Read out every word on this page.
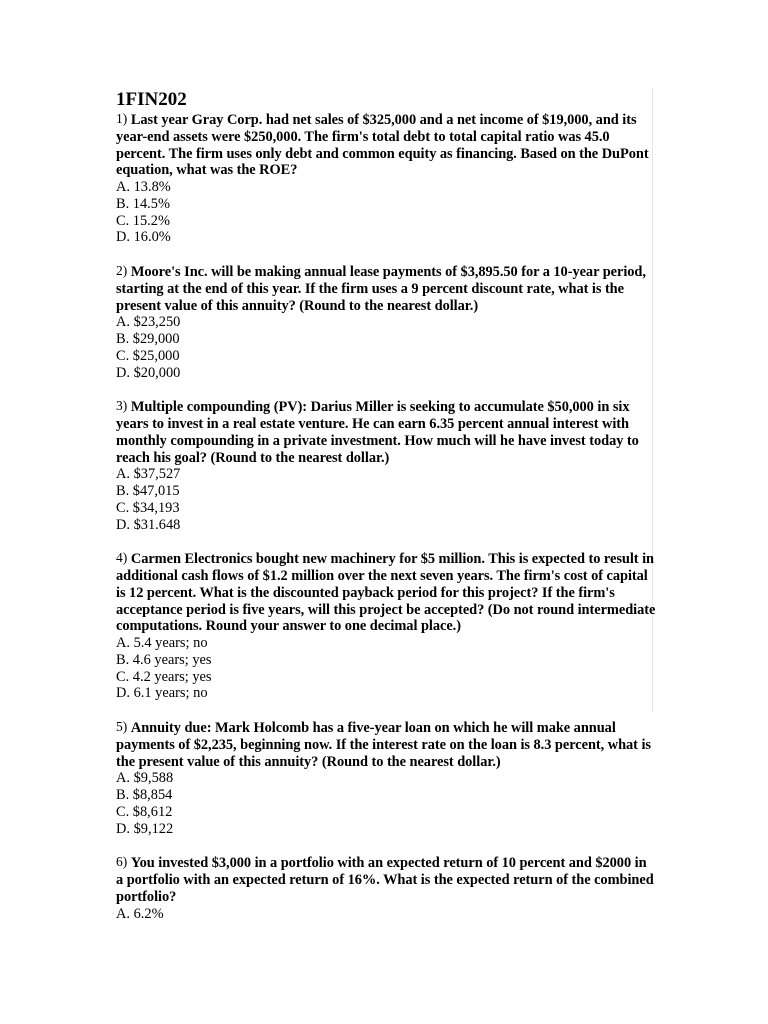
1FIN202

1) Last year Gray Corp. had net sales of $325,000 and a net income of $19,000, and its year-end assets were $250,000. The firm's total debt to total capital ratio was 45.0 percent. The firm uses only debt and common equity as financing. Based on the DuPont equation, what was the ROE?

A. 13.8%
B. 14.5%
C. 15.2%
D. 16.0%

2) Moore's Inc. will be making annual lease payments of $3,895.50 for a 10-year period, starting at the end of this year. If the firm uses a 9 percent discount rate, what is the present value of this annuity? (Round to the nearest dollar.)

A. $23,250
B. $29,000
C. $25,000
D. $20,000

3) Multiple compounding (PV): Darius Miller is seeking to accumulate $50,000 in six years to invest in a real estate venture. He can earn 6.35 percent annual interest with monthly compounding in a private investment. How much will he have invest today to reach his goal? (Round to the nearest dollar.)

A. $37,527
B. $47,015
C. $34,193
D. $31.648

4) Carmen Electronics bought new machinery for $5 million. This is expected to result in additional cash flows of $1.2 million over the next seven years. The firm's cost of capital is 12 percent. What is the discounted payback period for this project? If the firm's acceptance period is five years, will this project be accepted? (Do not round intermediate computations. Round your answer to one decimal place.)

A. 5.4 years; no
B. 4.6 years; yes
C. 4.2 years; yes
D. 6.1 years; no

5) Annuity due: Mark Holcomb has a five-year loan on which he will make annual payments of $2,235, beginning now. If the interest rate on the loan is 8.3 percent, what is the present value of this annuity? (Round to the nearest dollar.)

A. $9,588
B. $8,854
C. $8,612
D. $9,122

6) You invested $3,000 in a portfolio with an expected return of 10 percent and $2000 in a portfolio with an expected return of 16%. What is the expected return of the combined portfolio?

A. 6.2%
